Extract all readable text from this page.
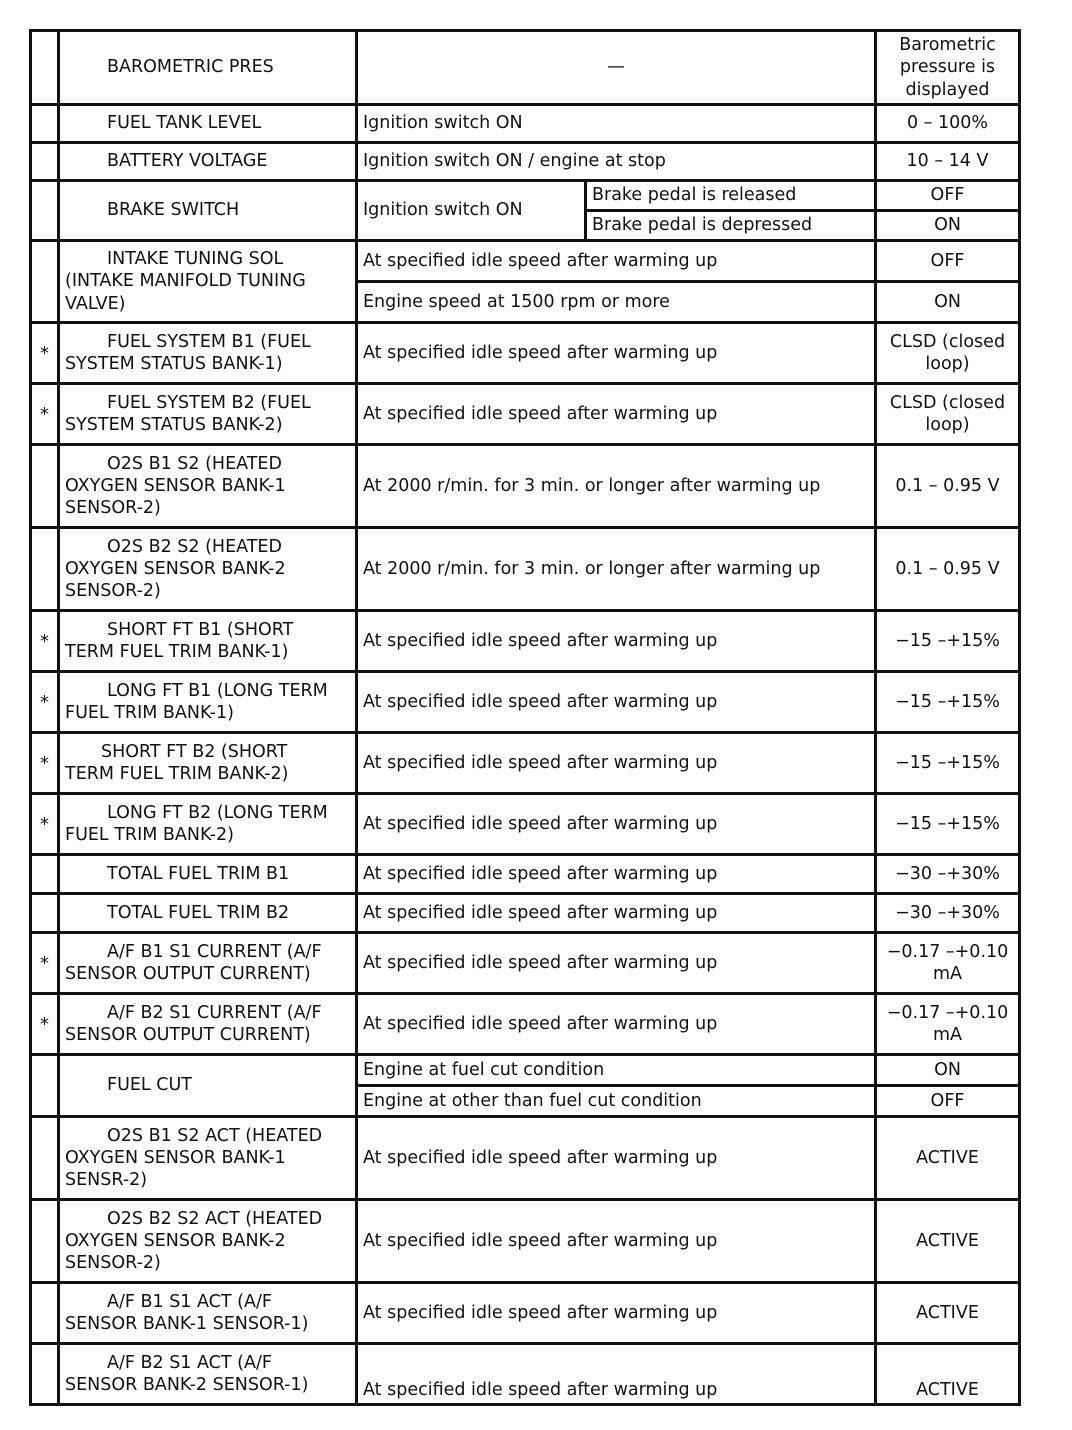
	BAROMETRIC PRES	—		Barometric pressure is displayed

	FUEL TANK LEVEL	Ignition switch ON		0 – 100%

	BATTERY VOLTAGE	Ignition switch ON / engine at stop		10 – 14 V

	BRAKE SWITCH	Ignition switch ON	Brake pedal is released	OFF
			Brake pedal is depressed	ON

	INTAKE TUNING SOL
(INTAKE MANIFOLD TUNING VALVE)	At specified idle speed after warming up		OFF
		Engine speed at 1500 rpm or more		ON
*	FUEL SYSTEM B1 (FUEL
SYSTEM STATUS BANK-1)	At specified idle speed after warming up		CLSD (closed loop)
*	FUEL SYSTEM B2 (FUEL
SYSTEM STATUS BANK-2)	At specified idle speed after warming up		CLSD (closed loop)

	O2S B1 S2 (HEATED
OXYGEN SENSOR BANK-1 SENSOR-2)	At 2000 r/min. for 3 min. or longer after warming up		0.1 – 0.95 V

	O2S B2 S2 (HEATED
OXYGEN SENSOR BANK-2 SENSOR-2)	At 2000 r/min. for 3 min. or longer after warming up		0.1 – 0.95 V
*	SHORT FT B1 (SHORT
TERM FUEL TRIM BANK-1)	At specified idle speed after warming up		−15 –+15%
*	LONG FT B1 (LONG TERM
FUEL TRIM BANK-1)	At specified idle speed after warming up		−15 –+15%
*	SHORT FT B2 (SHORT
TERM FUEL TRIM BANK-2)	At specified idle speed after warming up		−15 –+15%
*	LONG FT B2 (LONG TERM
FUEL TRIM BANK-2)	At specified idle speed after warming up		−15 –+15%

	TOTAL FUEL TRIM B1	At specified idle speed after warming up		−30 –+30%

	TOTAL FUEL TRIM B2	At specified idle speed after warming up		−30 –+30%
*	A/F B1 S1 CURRENT (A/F
SENSOR OUTPUT CURRENT)	At specified idle speed after warming up		−0.17 –+0.10 mA
*	A/F B2 S1 CURRENT (A/F
SENSOR OUTPUT CURRENT)	At specified idle speed after warming up		−0.17 –+0.10 mA

	FUEL CUT	Engine at fuel cut condition		ON
		Engine at other than fuel cut condition		OFF

	O2S B1 S2 ACT (HEATED
OXYGEN SENSOR BANK-1 SENSR-2)	At specified idle speed after warming up		ACTIVE

	O2S B2 S2 ACT (HEATED
OXYGEN SENSOR BANK-2 SENSOR-2)	At specified idle speed after warming up		ACTIVE

	A/F B1 S1 ACT (A/F
SENSOR BANK-1 SENSOR-1)	At specified idle speed after warming up		ACTIVE

	A/F B2 S1 ACT (A/F
SENSOR BANK-2 SENSOR-1)	At specified idle speed after warming up		ACTIVE
